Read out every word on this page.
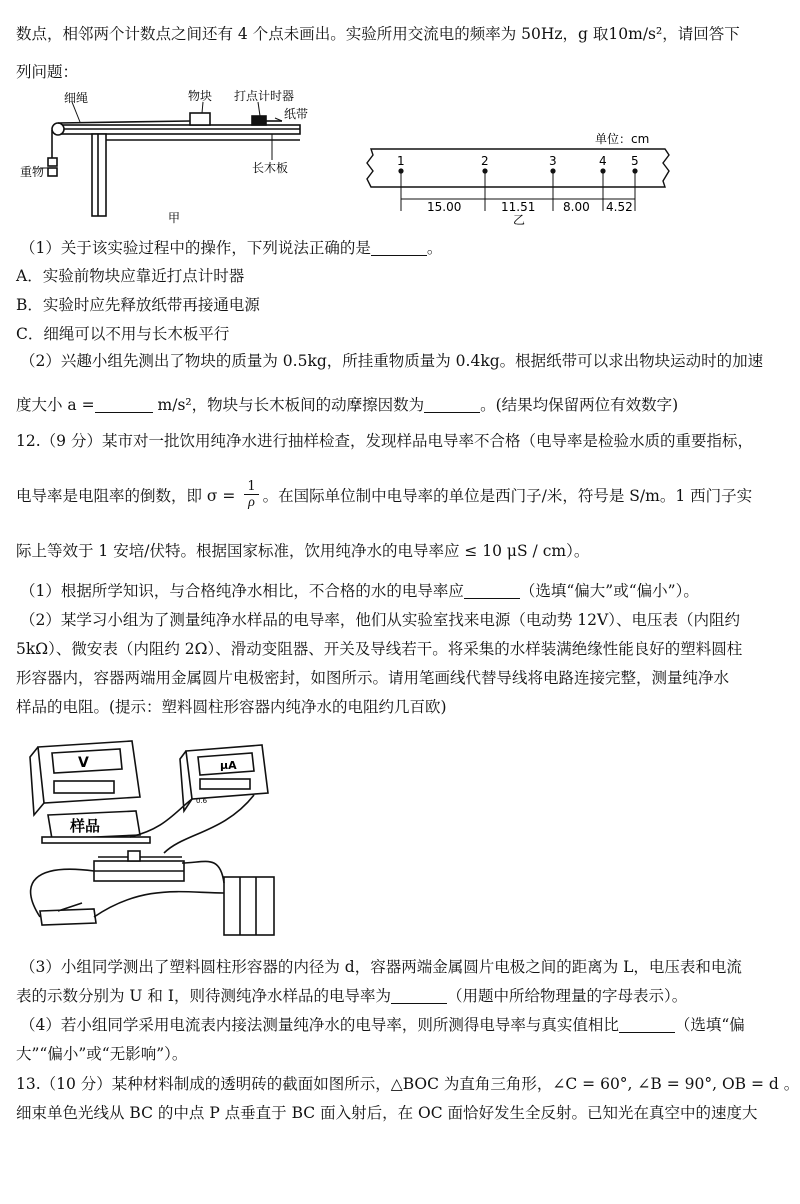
数点，相邻两个计数点之间还有 4 个点未画出。实验所用交流电的频率为 50Hz，g 取10m/s²，请回答下
列问题：
细绳	物块 打点计时器
纸带
重物	长木板
甲
单位：cm
15.00	11.51 8.00 4.52
乙
1	2	3	4 5
（1）关于该实验过程中的操作，下列说法正确的是	。
A．实验前物块应靠近打点计时器
B．实验时应先释放纸带再接通电源
C．细绳可以不用与长木板平行
（2）兴趣小组先测出了物块的质量为 0.5kg，所挂重物质量为 0.4kg。根据纸带可以求出物块运动时的加速
度大小 a =	m/s²，物块与长木板间的动摩擦因数为	。(结果均保留两位有效数字)
12.（9 分）某市对一批饮用纯净水进行抽样检查，发现样品电导率不合格（电导率是检验水质的重要指标，
电导率是电阻率的倒数，即 $\sigma = \frac{1}{\rho}$ 。在国际单位制中电导率的单位是西门子/米，符号是 S/m。1 西门子实
际上等效于 1 安培/伏特。根据国家标准，饮用纯净水的电导率应 ≤ 10 μS / cm）。
（1）根据所学知识，与合格纯净水相比，不合格的水的电导率应	（选填“偏大”或“偏小”）。
（2）某学习小组为了测量纯净水样品的电导率，他们从实验室找来电源（电动势 12V）、电压表（内阻约
5kΩ）、微安表（内阻约 2Ω）、滑动变阻器、开关及导线若干。将采集的水样装满绝缘性能良好的塑料圆柱
形容器内，容器两端用金属圆片电极密封，如图所示。请用笔画线代替导线将电路连接完整，测量纯净水
样品的电阻。(提示：塑料圆柱形容器内纯净水的电阻约几百欧)
V	μA
样品
0.6
（3）小组同学测出了塑料圆柱形容器的内径为 d，容器两端金属圆片电极之间的距离为 L，电压表和电流
表的示数分别为 U 和 I，则待测纯净水样品的电导率为	（用题中所给物理量的字母表示）。
（4）若小组同学采用电流表内接法测量纯净水的电导率，则所测得电导率与真实值相比	（选填“偏
大”“偏小”或“无影响”）。
13.（10 分）某种材料制成的透明砖的截面如图所示，△BOC 为直角三角形，∠C = 60°, ∠B = 90°, OB = d 。
细束单色光线从 BC 的中点 P 点垂直于 BC 面入射后，在 OC 面恰好发生全反射。已知光在真空中的速度大
